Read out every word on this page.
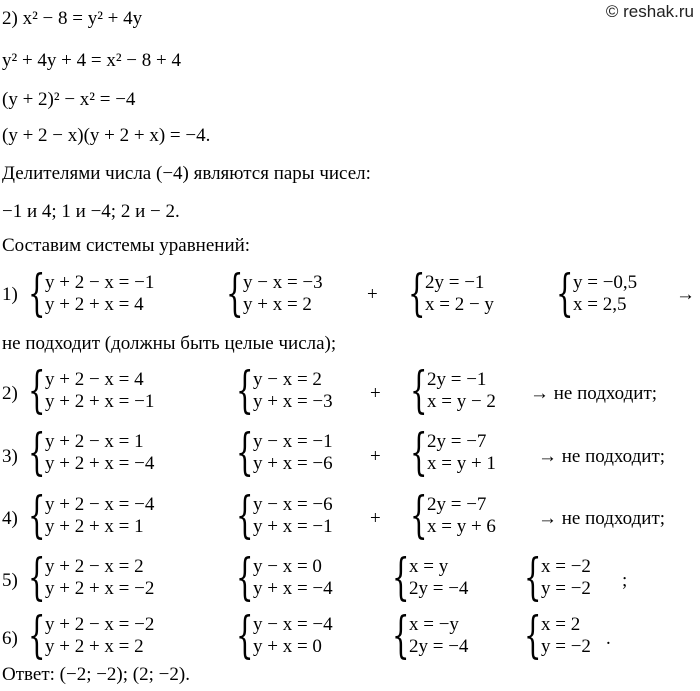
© reshak.ru
2) x² − 8 = y² + 4y
y² + 4y + 4 = x² − 8 + 4
(y + 2)² − x² = −4
(y + 2 − x)(y + 2 + x) = −4.
Делителями числа (−4) являются пары чисел:
−1 и 4; 1 и −4; 2 и − 2.
Составим системы уравнений:
1) { y + 2 − x = −1
y + 2 + x = 4 { y − x = −3
y + x = 2	+ { 2y = −1
x = 2 − y { y = −0,5
x = 2,5	→
не подходит (должны быть целые числа);
2) { y + 2 − x = 4
y + 2 + x = −1 { y − x = 2
y + x = −3 + { 2y = −1
x = y − 2 → не подходит;
3) { y + 2 − x = 1
y + 2 + x = −4 { y − x = −1
y + x = −6 + { 2y = −7
x = y + 1 → не подходит;
4) { y + 2 − x = −4
y + 2 + x = 1 { y − x = −6
y + x = −1 + { 2y = −7
x = y + 6 → не подходит;
5) { y + 2 − x = 2
y + 2 + x = −2 { y − x = 0
y + x = −4 { x = y
2y = −4 { x = −2
y = −2 ;
6) { y + 2 − x = −2
y + 2 + x = 2 { y − x = −4
y + x = 0 { x = −y
2y = −4 { x = 2
y = −2 .
Ответ: (−2; −2); (2; −2).
